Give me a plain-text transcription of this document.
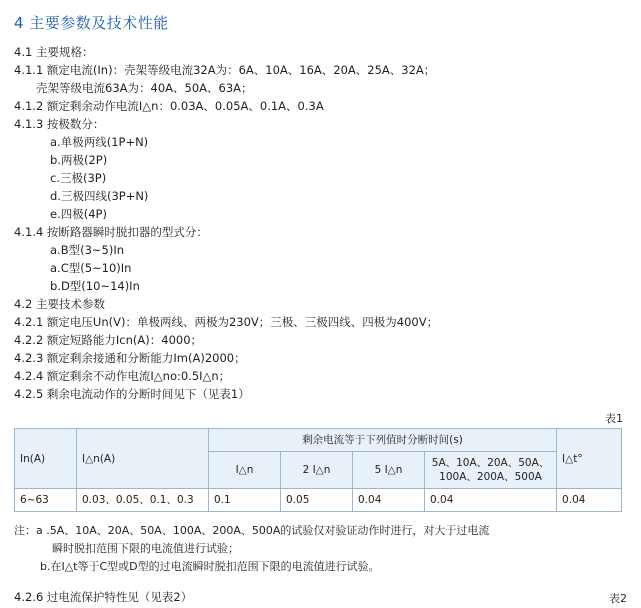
4 主要参数及技术性能
4.1 主要规格：
4.1.1 额定电流(In)：壳架等级电流32A为：6A、10A、16A、20A、25A、32A；
壳架等级电流63A为：40A、50A、63A；
4.1.2 额定剩余动作电流I△n：0.03A、0.05A、0.1A、0.3A
4.1.3 按极数分：
a.单极两线(1P+N)
b.两极(2P)
c.三极(3P)
d.三极四线(3P+N)
e.四极(4P)
4.1.4 按断路器瞬时脱扣器的型式分：
a.B型(3~5)In
a.C型(5~10)In
b.D型(10~14)In
4.2 主要技术参数
4.2.1 额定电压Un(V)：单极两线、两极为230V；三极、三极四线、四极为400V；
4.2.2 额定短路能力Icn(A)：4000；
4.2.3 额定剩余接通和分断能力Im(A)2000；
4.2.4 额定剩余不动作电流I△no:0.5I△n；
4.2.5 剩余电流动作的分断时间见下（见表1）
表1
In(A)	I△n(A)	剩余电流等于下列值时分断时间(s)				I△t°
		I△n	2 I△n	5 I△n	5A、10A、20A、50A、100A、200A、500A	
6~63	0.03、0.05、0.1、0.3	0.1	0.05	0.04	0.04	0.04
注：a .5A、10A、20A、50A、100A、200A、500A的试验仅对验证动作时进行，对大于过电流
瞬时脱扣范围下限的电流值进行试验；
b.在I△t等于C型或D型的过电流瞬时脱扣范围下限的电流值进行试验。
4.2.6 过电流保护特性见（见表2）	表2
